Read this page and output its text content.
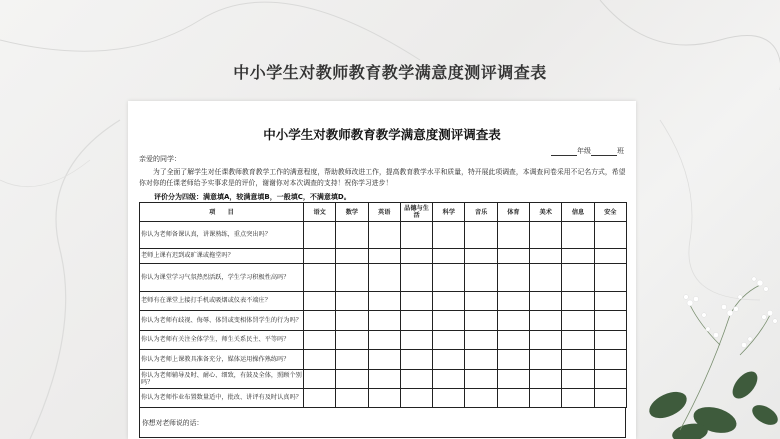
中小学生对教师教育教学满意度测评调查表
中小学生对教师教育教学满意度测评调查表
年级	班
亲爱的同学：
为了全面了解学生对任课教师教育教学工作的满意程度，帮助教师改进工作，提高教育教学水平和质量，特开展此项调查，本调查问卷采用不记名方式，希望你对你的任课老师给予实事求是的评价，谢谢你对本次调查的支持！祝你学习进步！
评价分为四级：满意填A，较满意填B，一般填C，不满意填D。
项　　目	语文	数学	英语	品德与生活	科学	音乐	体育	美术	信息	安全
你认为老师备课认真，讲课熟练，重点突出吗？										
老师上课有迟到或旷课或拖堂吗？										
你认为课堂学习气氛热烈活跃，学生学习积极性高吗？										
老师有在课堂上接打手机或吸烟或仪表不端庄？										
你认为老师有歧视、侮辱、体罚或变相体罚学生的行为吗？										
你认为老师有关注全体学生，师生关系民主、平等吗？										
你认为老师上课教具准备充分，媒体运用操作熟练吗？										
你认为老师辅导及时、耐心、细致，有鼓及全体，照顾个别吗？										
你认为老师作业布置数量适中，批改、讲评有及时认真吗？										
你想对老师说的话：
